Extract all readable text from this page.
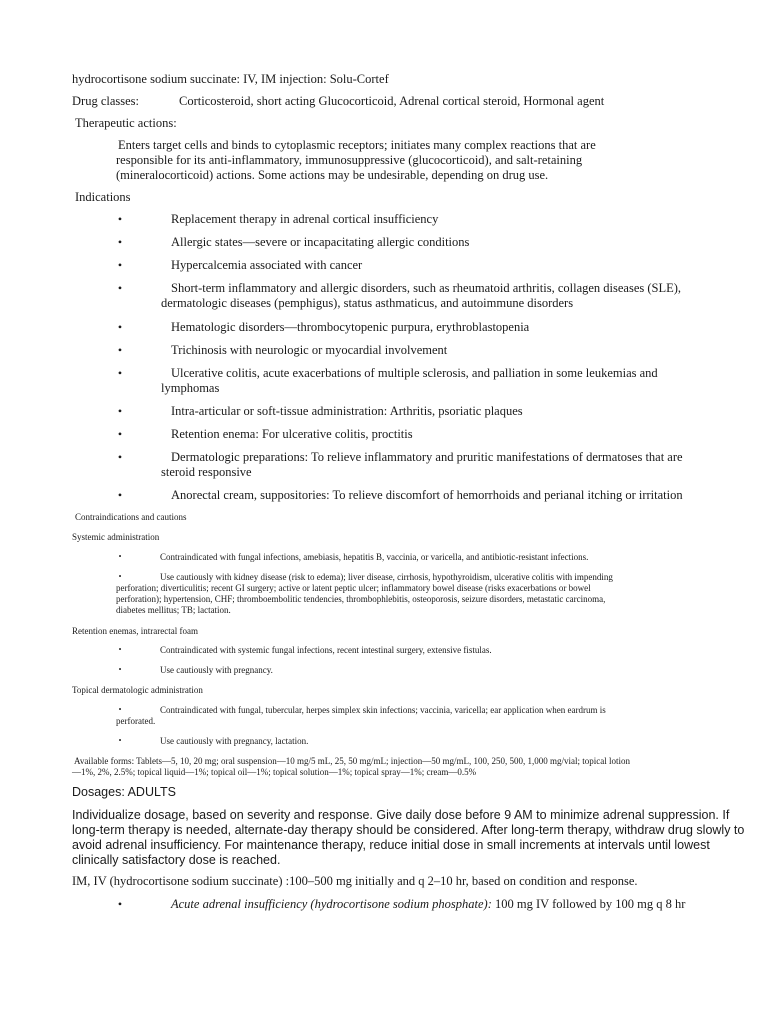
hydrocortisone sodium succinate: IV, IM injection: Solu-Cortef
Drug classes:	Corticosteroid, short acting Glucocorticoid, Adrenal cortical steroid, Hormonal agent
Therapeutic actions:
Enters target cells and binds to cytoplasmic receptors; initiates many complex reactions that are
responsible for its anti-inflammatory, immunosuppressive (glucocorticoid), and salt-retaining
(mineralocorticoid) actions. Some actions may be undesirable, depending on drug use.
Indications
•	Replacement therapy in adrenal cortical insufficiency
•	Allergic states—severe or incapacitating allergic conditions
•	Hypercalcemia associated with cancer
•	Short-term inflammatory and allergic disorders, such as rheumatoid arthritis, collagen diseases (SLE),
dermatologic diseases (pemphigus), status asthmaticus, and autoimmune disorders
•	Hematologic disorders—thrombocytopenic purpura, erythroblastopenia
•	Trichinosis with neurologic or myocardial involvement
•	Ulcerative colitis, acute exacerbations of multiple sclerosis, and palliation in some leukemias and
lymphomas
•	Intra-articular or soft-tissue administration: Arthritis, psoriatic plaques
•	Retention enema: For ulcerative colitis, proctitis
•	Dermatologic preparations: To relieve inflammatory and pruritic manifestations of dermatoses that are
steroid responsive
•	Anorectal cream, suppositories: To relieve discomfort of hemorrhoids and perianal itching or irritation
Contraindications and cautions
Systemic administration
•	Contraindicated with fungal infections, amebiasis, hepatitis B, vaccinia, or varicella, and antibiotic-resistant infections.
•	Use cautiously with kidney disease (risk to edema); liver disease, cirrhosis, hypothyroidism, ulcerative colitis with impending
perforation; diverticulitis; recent GI surgery; active or latent peptic ulcer; inflammatory bowel disease (risks exacerbations or bowel
perforation); hypertension, CHF; thromboembolitic tendencies, thrombophlebitis, osteoporosis, seizure disorders, metastatic carcinoma,
diabetes mellitus; TB; lactation.
Retention enemas, intrarectal foam
•	Contraindicated with systemic fungal infections, recent intestinal surgery, extensive fistulas.
•	Use cautiously with pregnancy.
Topical dermatologic administration
•	Contraindicated with fungal, tubercular, herpes simplex skin infections; vaccinia, varicella; ear application when eardrum is
perforated.
•	Use cautiously with pregnancy, lactation.
Available forms: Tablets—5, 10, 20 mg; oral suspension—10 mg/5 mL, 25, 50 mg/mL; injection—50 mg/mL, 100, 250, 500, 1,000 mg/vial; topical lotion
—1%, 2%, 2.5%; topical liquid—1%; topical oil—1%; topical solution—1%; topical spray—1%; cream—0.5%
Dosages: ADULTS
Individualize dosage, based on severity and response. Give daily dose before 9 AM to minimize adrenal suppression. If
long-term therapy is needed, alternate-day therapy should be considered. After long-term therapy, withdraw drug slowly to
avoid adrenal insufficiency. For maintenance therapy, reduce initial dose in small increments at intervals until lowest
clinically satisfactory dose is reached.
IM, IV (hydrocortisone sodium succinate) :100–500 mg initially and q 2–10 hr, based on condition and response.
•	Acute adrenal insufficiency (hydrocortisone sodium phosphate): 100 mg IV followed by 100 mg q 8 hr
